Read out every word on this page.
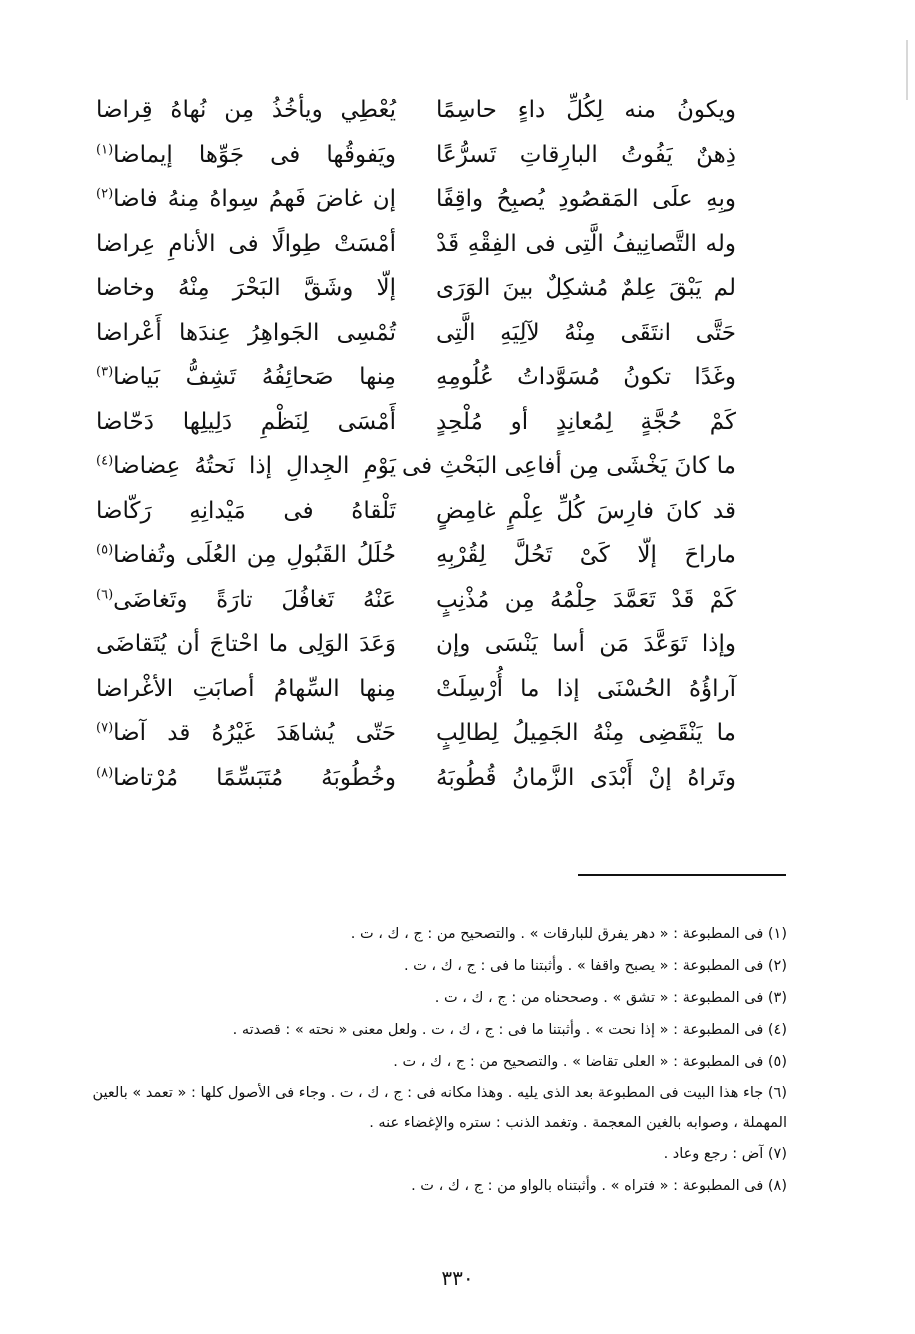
ويكونُ منه لِكُلِّ داءٍ حاسِمًا
يُعْطِي ويأخُذُ مِن نُهاهُ قِراضا
ذِهنٌ يَفُوتُ البارِقاتِ تَسرُّعًا
ويَفوقُها فى جَوِّها إيماضا$^{(١)}$
وبِهِ علَى المَقصُودِ يُصبِحُ واقِفًا
إن غاضَ فَهمُ سِواهُ مِنهُ فاضا$^{(٢)}$
وله التَّصانِيفُ الَّتِى فى الفِقْهِ قَدْ
أمْسَتْ طِوالًا فى الأنامِ عِراضا
لم يَبْقَ عِلمٌ مُشكِلٌ بينَ الوَرَى
إلّا وشَقَّ البَحْرَ مِنْهُ وخاضا
حَتَّى انتَقَى مِنْهُ لآلِيَهِ الَّتِى
تُمْسِى الجَواهِرُ عِندَها أَعْراضا
وغَدًا تكونُ مُسَوَّداتُ عُلُومِهِ
مِنها صَحائِفُهُ تَشِفُّ بَياضا$^{(٣)}$
كَمْ حُجَّةٍ لِمُعانِدٍ أو مُلْحِدٍ
أَمْسَى لِنَظْمِ دَلِيلِها دَحّاضا
ما كانَ يَخْشَى مِن أفاعِى البَحْثِ فى
يَوْمِ الجِدالِ إذا نَحتُهُ عِضاضا$^{(٤)}$
قد كانَ فارِسَ كُلِّ عِلْمٍ غامِضٍ
تَلْقاهُ فى مَيْدانِهِ رَكّاضا
ماراحَ إلّا كَىْ تَحُلَّ لِقُرْبِهِ
حُلَلُ القَبُولِ مِن العُلَى وتُفاضا$^{(٥)}$
كَمْ قَدْ تَعَمَّدَ حِلْمُهُ مِن مُذْنِبٍ
عَنْهُ تَغافُلَ تارَةً وتَغاضَى$^{(٦)}$
وإذا تَوَعَّدَ مَن أسا يَنْسَى وإن
وَعَدَ الوَلِى ما احْتاجَ أن يُتَقاضَى
آراؤُهُ الحُسْنَى إذا ما أُرْسِلَتْ
مِنها السِّهامُ أصابَتِ الأغْراضا
ما يَنْقَضِى مِنْهُ الجَمِيلُ لِطالِبٍ
حَتّى يُشاهَدَ غَيْرُهُ قد آضا$^{(٧)}$
وتَراهُ إنْ أَبْدَى الزَّمانُ قُطُوبَهُ
وخُطُوبَهُ مُتَبَسِّمًا مُرْتاضا$^{(٨)}$
(١) فى المطبوعة : « دهر يفرق للبارقات » . والتصحيح من : ج ، ك ، ت .
(٢) فى المطبوعة : « يصبح واقفا » . وأثبتنا ما فى : ج ، ك ، ت .
(٣) فى المطبوعة : « تشق » . وصححناه من : ج ، ك ، ت .
(٤) فى المطبوعة : « إذا نحت » . وأثبتنا ما فى : ج ، ك ، ت . ولعل معنى « نحته » : قصدته .
(٥) فى المطبوعة : « العلى تقاضا » . والتصحيح من : ج ، ك ، ت .
(٦) جاء هذا البيت فى المطبوعة بعد الذى يليه . وهذا مكانه فى : ج ، ك ، ت . وجاء فى الأصول كلها : « تعمد » بالعين المهملة ، وصوابه بالغين المعجمة . وتغمد الذنب : ستره والإغضاء عنه .
(٧) آض : رجع وعاد .
(٨) فى المطبوعة : « فتراه » . وأثبتناه بالواو من : ج ، ك ، ت .
٣٣٠
